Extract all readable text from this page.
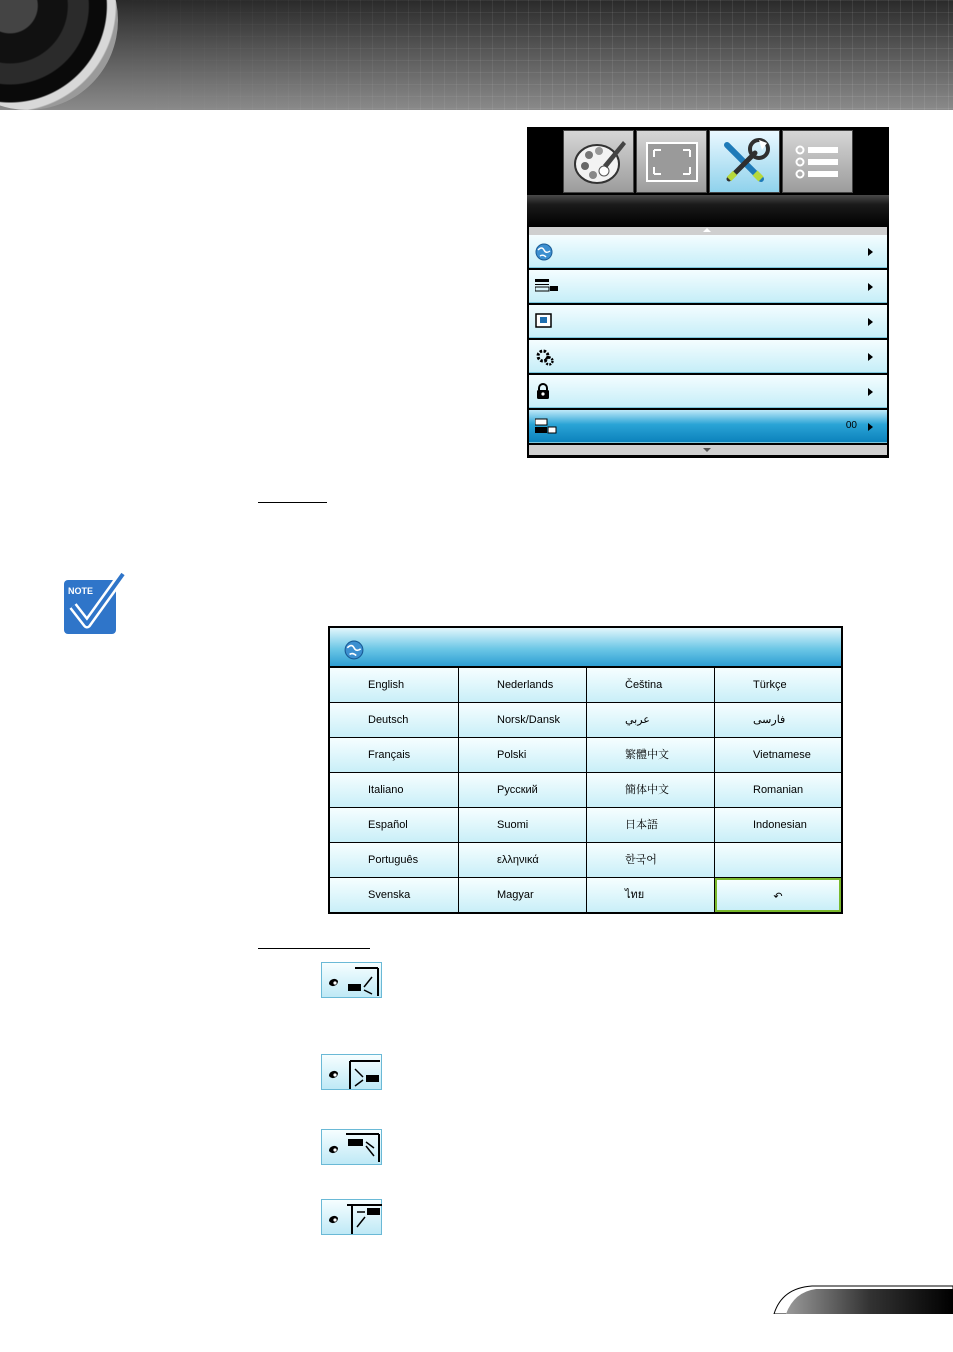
00
NOTE
English
Deutsch
Français
Italiano
Español
Português
Svenska
Nederlands
Norsk/Dansk
Polski
Русский
Suomi
ελληνικά
Magyar
Čeština
عربي
繁體中文
簡体中文
日本語
한국어
ไทย
Türkçe
فارسی
Vietnamese
Romanian
Indonesian
↶
